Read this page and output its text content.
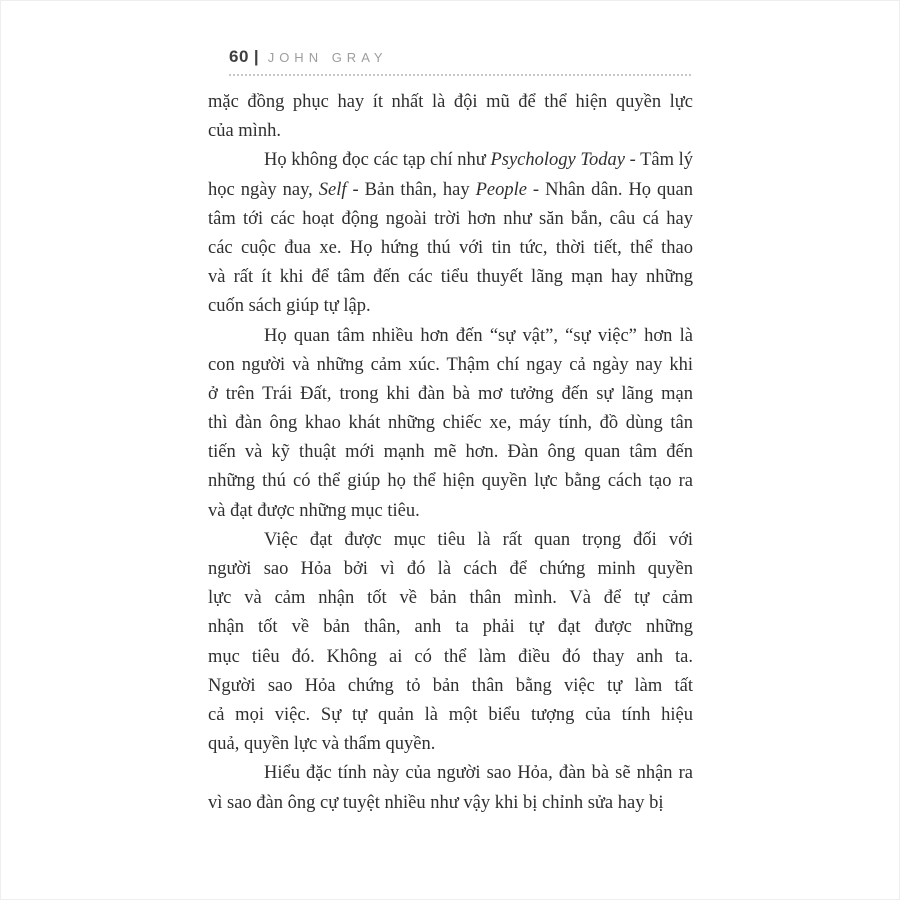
60 | JOHN GRAY
mặc đồng phục hay ít nhất là đội mũ để thể hiện quyền lực
của mình.
Họ không đọc các tạp chí như Psychology Today - Tâm lý
học ngày nay, Self - Bản thân, hay People - Nhân dân. Họ quan
tâm tới các hoạt động ngoài trời hơn như săn bắn, câu cá hay
các cuộc đua xe. Họ hứng thú với tin tức, thời tiết, thể thao
và rất ít khi để tâm đến các tiểu thuyết lãng mạn hay những
cuốn sách giúp tự lập.
Họ quan tâm nhiều hơn đến “sự vật”, “sự việc” hơn là
con người và những cảm xúc. Thậm chí ngay cả ngày nay khi
ở trên Trái Đất, trong khi đàn bà mơ tưởng đến sự lãng mạn
thì đàn ông khao khát những chiếc xe, máy tính, đồ dùng tân
tiến và kỹ thuật mới mạnh mẽ hơn. Đàn ông quan tâm đến
những thú có thể giúp họ thể hiện quyền lực bằng cách tạo ra
và đạt được những mục tiêu.
Việc đạt được mục tiêu là rất quan trọng đối với
người sao Hỏa bởi vì đó là cách để chứng minh quyền
lực và cảm nhận tốt về bản thân mình. Và để tự cảm
nhận tốt về bản thân, anh ta phải tự đạt được những
mục tiêu đó. Không ai có thể làm điều đó thay anh ta.
Người sao Hỏa chứng tỏ bản thân bằng việc tự làm tất
cả mọi việc. Sự tự quản là một biểu tượng của tính hiệu
quả, quyền lực và thẩm quyền.
Hiểu đặc tính này của người sao Hỏa, đàn bà sẽ nhận ra
vì sao đàn ông cự tuyệt nhiều như vậy khi bị chỉnh sửa hay bị
